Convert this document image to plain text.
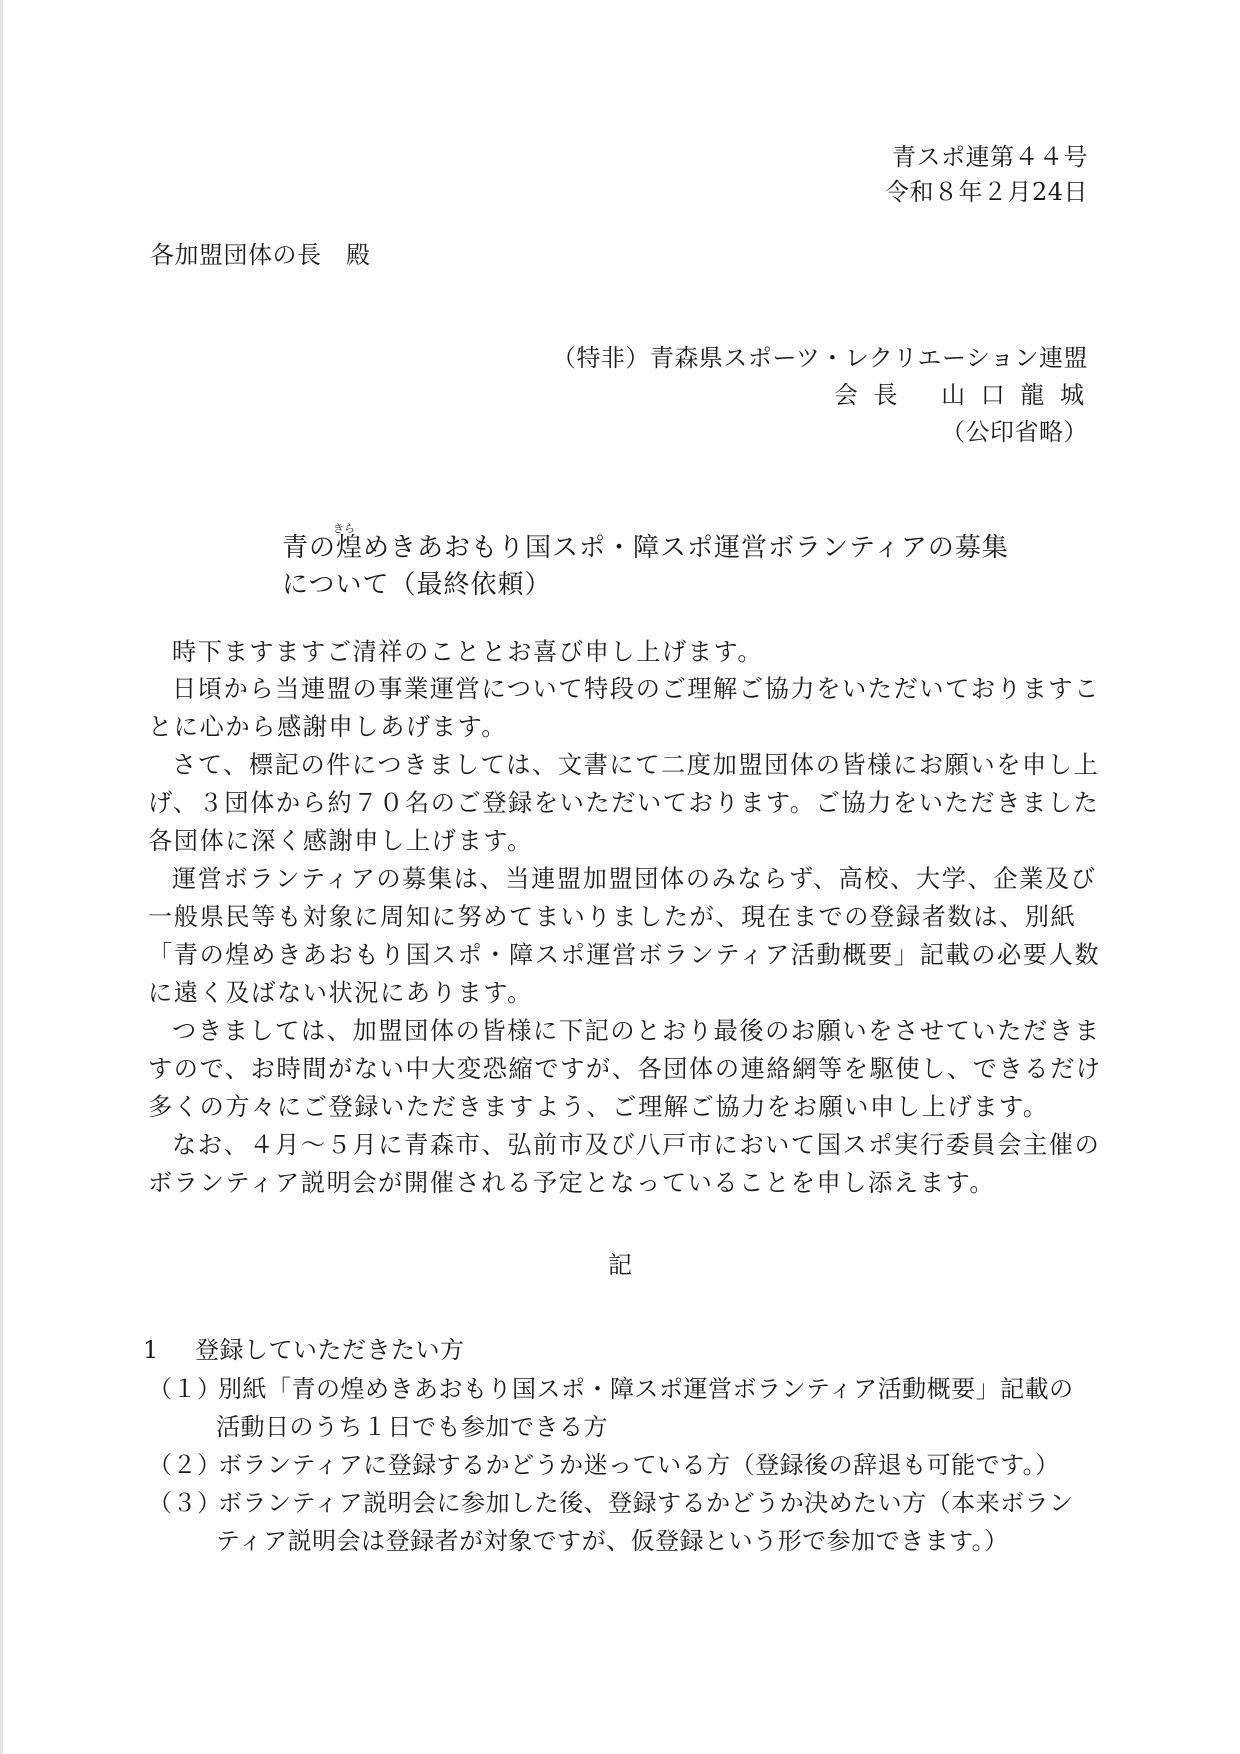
青スポ連第４４号
令和８年２月24日
各加盟団体の長　殿
（特非）青森県スポーツ・レクリエーション連盟
会 長　 山 口 龍 城
（公印省略）
きら
青の煌めきあおもり国スポ・障スポ運営ボランティアの募集
について（最終依頼）
時下ますますご清祥のこととお喜び申し上げます。
日頃から当連盟の事業運営について特段のご理解ご協力をいただいておりますこ
とに心から感謝申しあげます。
さて、標記の件につきましては、文書にて二度加盟団体の皆様にお願いを申し上
げ、３団体から約７０名のご登録をいただいております。ご協力をいただきました
各団体に深く感謝申し上げます。
運営ボランティアの募集は、当連盟加盟団体のみならず、高校、大学、企業及び
一般県民等も対象に周知に努めてまいりましたが、現在までの登録者数は、別紙
「青の煌めきあおもり国スポ・障スポ運営ボランティア活動概要」記載の必要人数
に遠く及ばない状況にあります。
つきましては、加盟団体の皆様に下記のとおり最後のお願いをさせていただきま
すので、お時間がない中大変恐縮ですが、各団体の連絡網等を駆使し、できるだけ
多くの方々にご登録いただきますよう、ご理解ご協力をお願い申し上げます。
なお、４月～５月に青森市、弘前市及び八戸市において国スポ実行委員会主催の
ボランティア説明会が開催される予定となっていることを申し添えます。
記
1 登録していただきたい方
（１）別紙「青の煌めきあおもり国スポ・障スポ運営ボランティア活動概要」記載の
活動日のうち１日でも参加できる方
（２）ボランティアに登録するかどうか迷っている方（登録後の辞退も可能です。）
（３）ボランティア説明会に参加した後、登録するかどうか決めたい方（本来ボラン
ティア説明会は登録者が対象ですが、仮登録という形で参加できます。）
